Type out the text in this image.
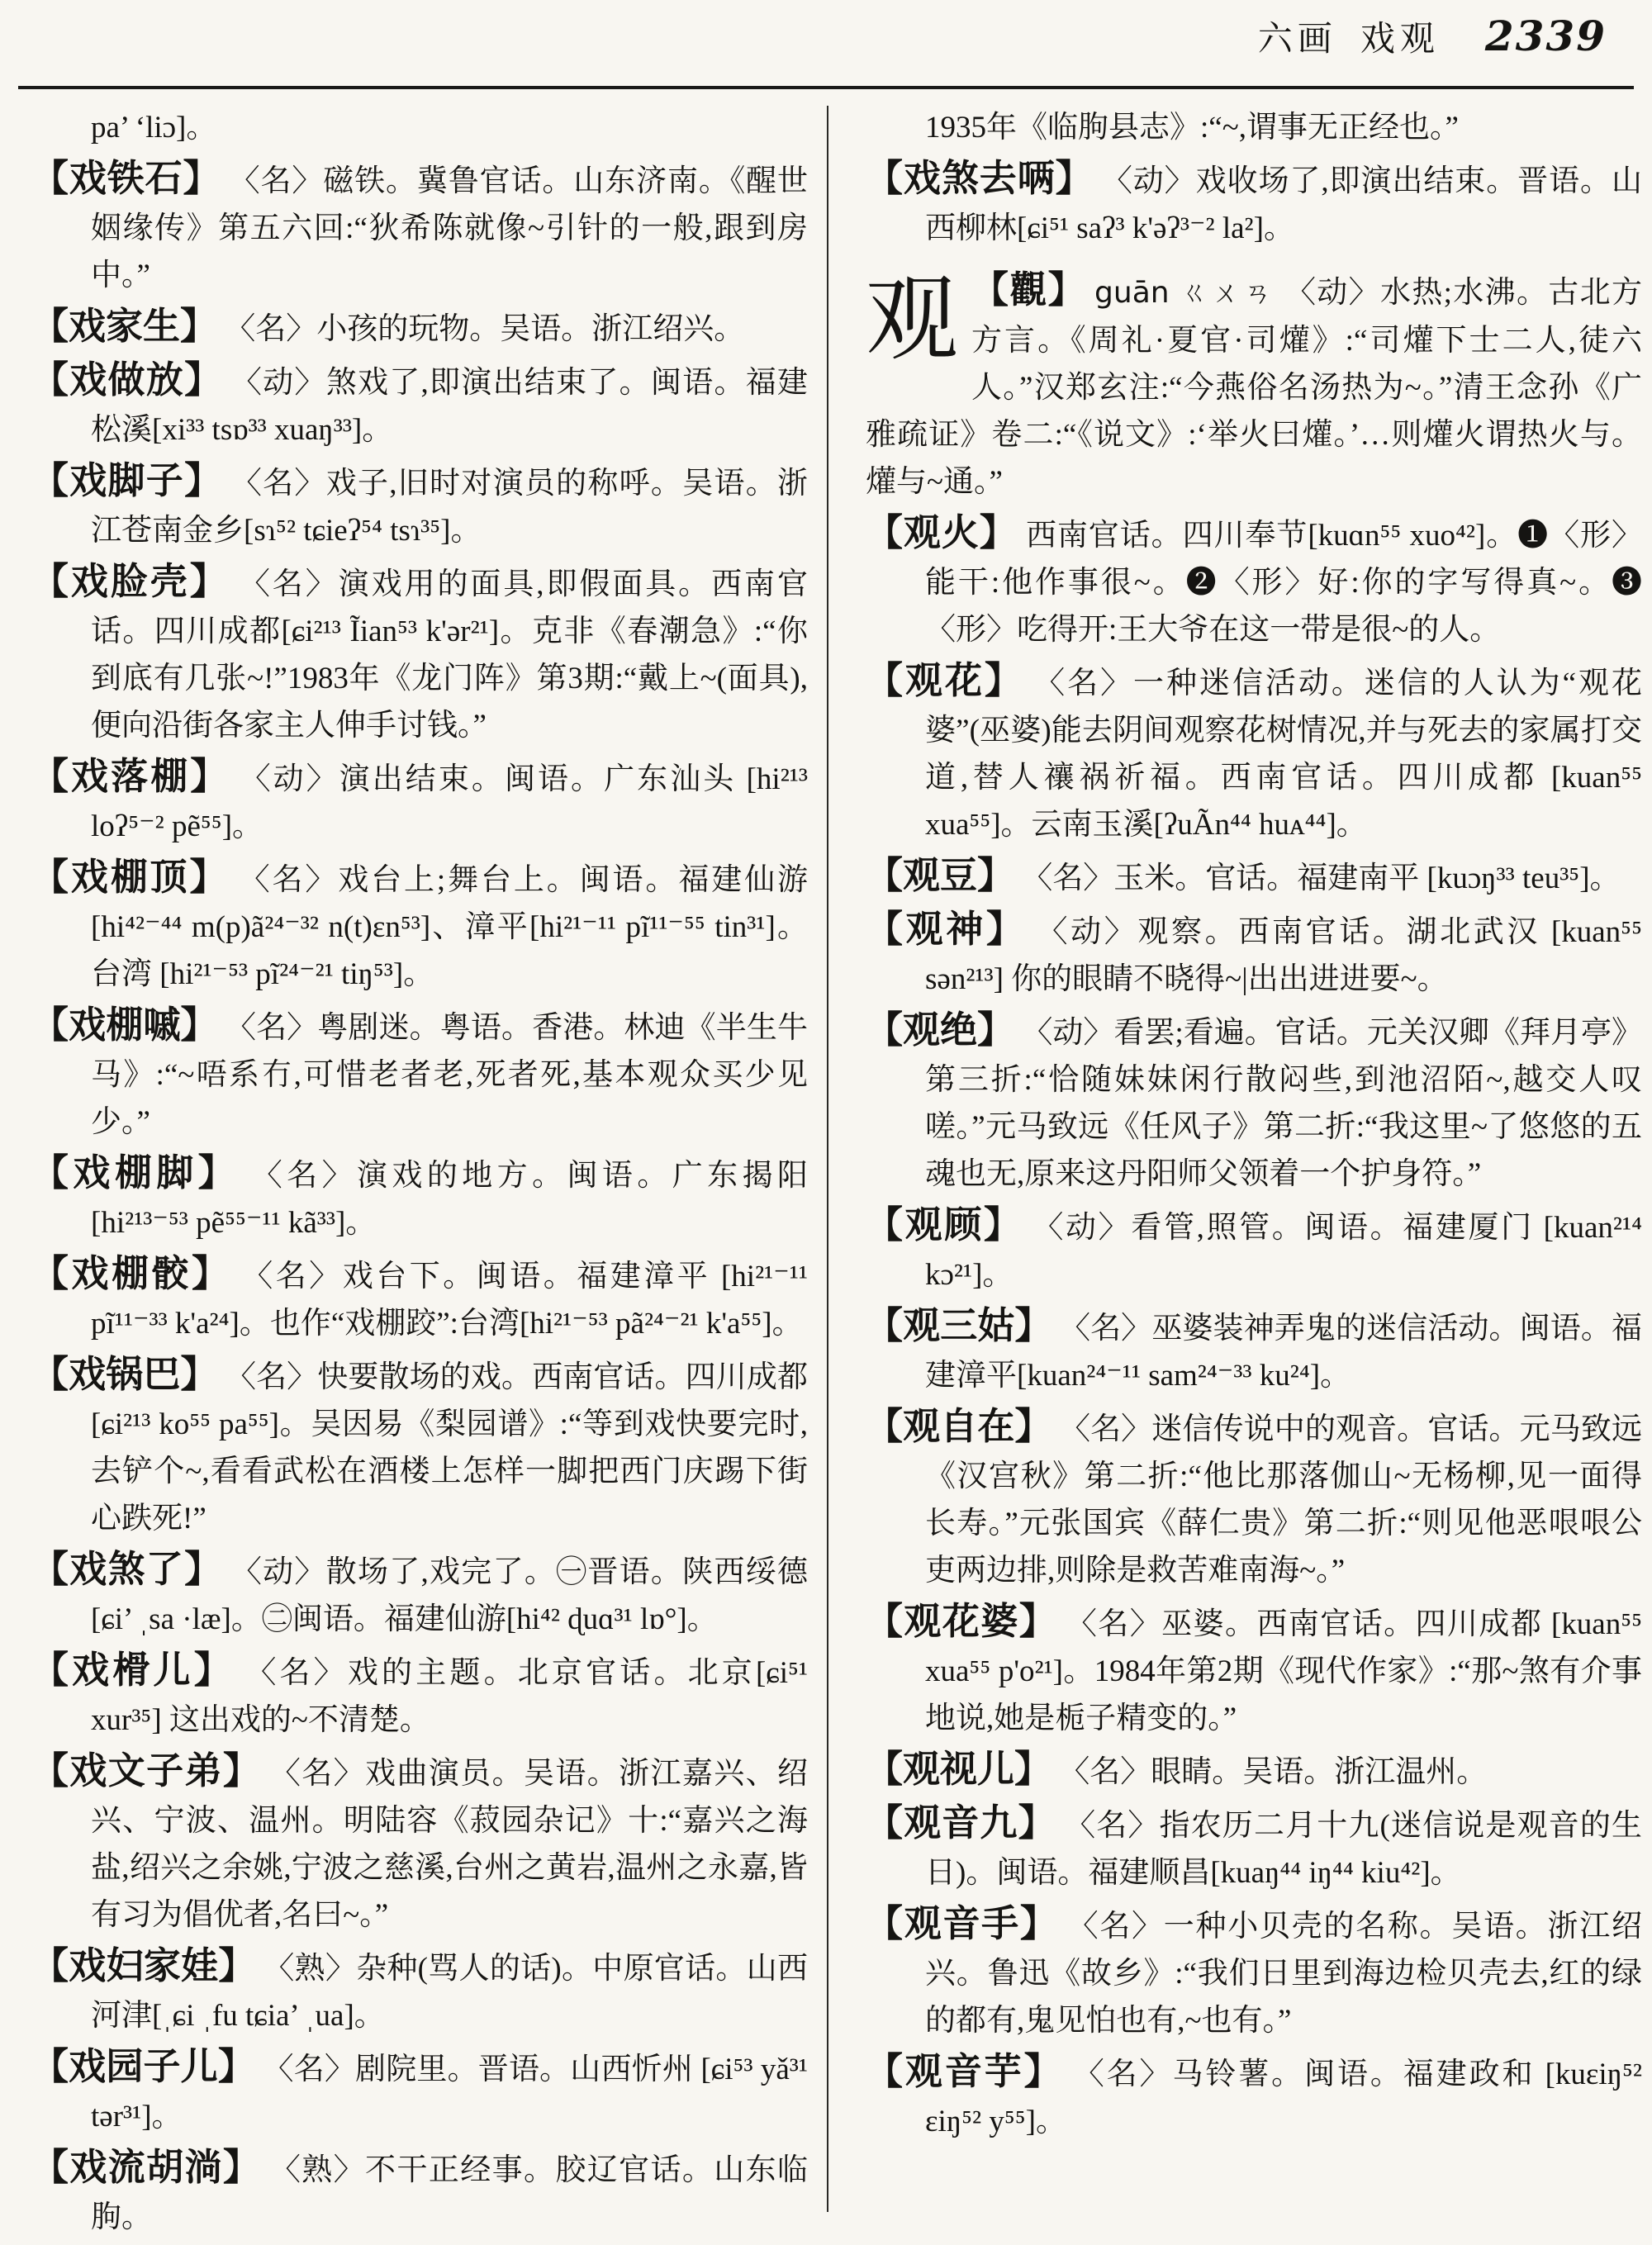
六画 戏观 2339
pa’ ‘liɔ]。
【戏铁石】 〈名〉磁铁。冀鲁官话。山东济南。《醒世姻缘传》第五六回:“狄希陈就像~引针的一般,跟到房中。”
【戏家生】 〈名〉小孩的玩物。吴语。浙江绍兴。
【戏做放】 〈动〉煞戏了,即演出结束了。闽语。福建松溪[xi³³ tsɒ³³ xuaŋ³³]。
【戏脚子】 〈名〉戏子,旧时对演员的称呼。吴语。浙江苍南金乡[sɿ⁵² tɕieʔ⁵⁴ tsɿ³⁵]。
【戏脸壳】 〈名〉演戏用的面具,即假面具。西南官话。四川成都[ɕi²¹³ Ĩian⁵³ k'ər²¹]。克非《春潮急》:“你到底有几张~!”1983年《龙门阵》第3期:“戴上~(面具),便向沿街各家主人伸手讨钱。”
【戏落棚】 〈动〉演出结束。闽语。广东汕头 [hi²¹³ loʔ⁵⁻² pẽ⁵⁵]。
【戏棚顶】 〈名〉戏台上;舞台上。闽语。福建仙游[hi⁴²⁻⁴⁴ m(p)ã²⁴⁻³² n(t)ɛn⁵³]、漳平[hi²¹⁻¹¹ pĩ¹¹⁻⁵⁵ tin³¹]。台湾 [hi²¹⁻⁵³ pĩ²⁴⁻²¹ tiŋ⁵³]。
【戏棚嘁】 〈名〉粤剧迷。粤语。香港。林迪《半生牛马》:“~唔系冇,可惜老者老,死者死,基本观众买少见少。”
【戏棚脚】 〈名〉演戏的地方。闽语。广东揭阳 [hi²¹³⁻⁵³ pẽ⁵⁵⁻¹¹ kã³³]。
【戏棚骹】 〈名〉戏台下。闽语。福建漳平 [hi²¹⁻¹¹ pĩ¹¹⁻³³ k'a²⁴]。也作“戏棚跤”:台湾[hi²¹⁻⁵³ pã²⁴⁻²¹ k'a⁵⁵]。
【戏锅巴】 〈名〉快要散场的戏。西南官话。四川成都[ɕi²¹³ ko⁵⁵ pa⁵⁵]。吴因易《梨园谱》:“等到戏快要完时,去铲个~,看看武松在酒楼上怎样一脚把西门庆踢下街心跌死!”
【戏煞了】 〈动〉散场了,戏完了。㊀晋语。陕西绥德[ɕi’ ˌsa ·læ]。㊁闽语。福建仙游[hi⁴² ɖuɑ³¹ lɒ°]。
【戏榾儿】 〈名〉戏的主题。北京官话。北京[ɕi⁵¹ xur³⁵] 这出戏的~不清楚。
【戏文子弟】 〈名〉戏曲演员。吴语。浙江嘉兴、绍兴、宁波、温州。明陆容《菽园杂记》十:“嘉兴之海盐,绍兴之余姚,宁波之慈溪,台州之黄岩,温州之永嘉,皆有习为倡优者,名曰~。”
【戏妇家娃】 〈熟〉杂种(骂人的话)。中原官话。山西河津[ˌɕi ˌfu tɕia’ ˌua]。
【戏园子儿】 〈名〉剧院里。晋语。山西忻州 [ɕi⁵³ yǎ³¹ tər³¹]。
【戏流胡淌】 〈熟〉不干正经事。胶辽官话。山东临朐。
1935年《临朐县志》:“~,谓事无正经也。”
【戏煞去唡】 〈动〉戏收场了,即演出结束。晋语。山西柳林[ɕi⁵¹ saʔ³ k'əʔ³⁻² la²]。
观 【觀】 guān ㄍㄨㄢ 〈动〉水热;水沸。古北方方言。《周礼·夏官·司爟》:“司爟下士二人,徒六人。”汉郑玄注:“今燕俗名汤热为~。”清王念孙《广雅疏证》卷二:“《说文》:‘举火曰爟。’…则爟火谓热火与。爟与~通。”
【观火】 西南官话。四川奉节[kuɑn⁵⁵ xuo⁴²]。❶〈形〉能干:他作事很~。❷〈形〉好:你的字写得真~。❸〈形〉吃得开:王大爷在这一带是很~的人。
【观花】 〈名〉一种迷信活动。迷信的人认为“观花婆”(巫婆)能去阴间观察花树情况,并与死去的家属打交道,替人禳祸祈福。西南官话。四川成都 [kuan⁵⁵ xua⁵⁵]。云南玉溪[ʔuÃn⁴⁴ huᴀ⁴⁴]。
【观豆】 〈名〉玉米。官话。福建南平 [kuɔŋ³³ teu³⁵]。
【观神】 〈动〉观察。西南官话。湖北武汉 [kuan⁵⁵ sən²¹³] 你的眼睛不晓得~|出出进进要~。
【观绝】 〈动〉看罢;看遍。官话。元关汉卿《拜月亭》第三折:“恰随妹妹闲行散闷些,到池沼陌~,越交人叹嗟。”元马致远《任风子》第二折:“我这里~了悠悠的五魂也无,原来这丹阳师父领着一个护身符。”
【观顾】 〈动〉看管,照管。闽语。福建厦门 [kuan²¹⁴ kɔ²¹]。
【观三姑】 〈名〉巫婆装神弄鬼的迷信活动。闽语。福建漳平[kuan²⁴⁻¹¹ sam²⁴⁻³³ ku²⁴]。
【观自在】 〈名〉迷信传说中的观音。官话。元马致远《汉宫秋》第二折:“他比那落伽山~无杨柳,见一面得长寿。”元张国宾《薛仁贵》第二折:“则见他恶哏哏公吏两边排,则除是救苦难南海~。”
【观花婆】 〈名〉巫婆。西南官话。四川成都 [kuan⁵⁵ xua⁵⁵ p'o²¹]。1984年第2期《现代作家》:“那~煞有介事地说,她是栀子精变的。”
【观视儿】 〈名〉眼睛。吴语。浙江温州。
【观音九】 〈名〉指农历二月十九(迷信说是观音的生日)。闽语。福建顺昌[kuaŋ⁴⁴ iŋ⁴⁴ kiu⁴²]。
【观音手】 〈名〉一种小贝壳的名称。吴语。浙江绍兴。鲁迅《故乡》:“我们日里到海边检贝壳去,红的绿的都有,鬼见怕也有,~也有。”
【观音芋】 〈名〉马铃薯。闽语。福建政和 [kuɛiŋ⁵² ɛiŋ⁵² y⁵⁵]。
